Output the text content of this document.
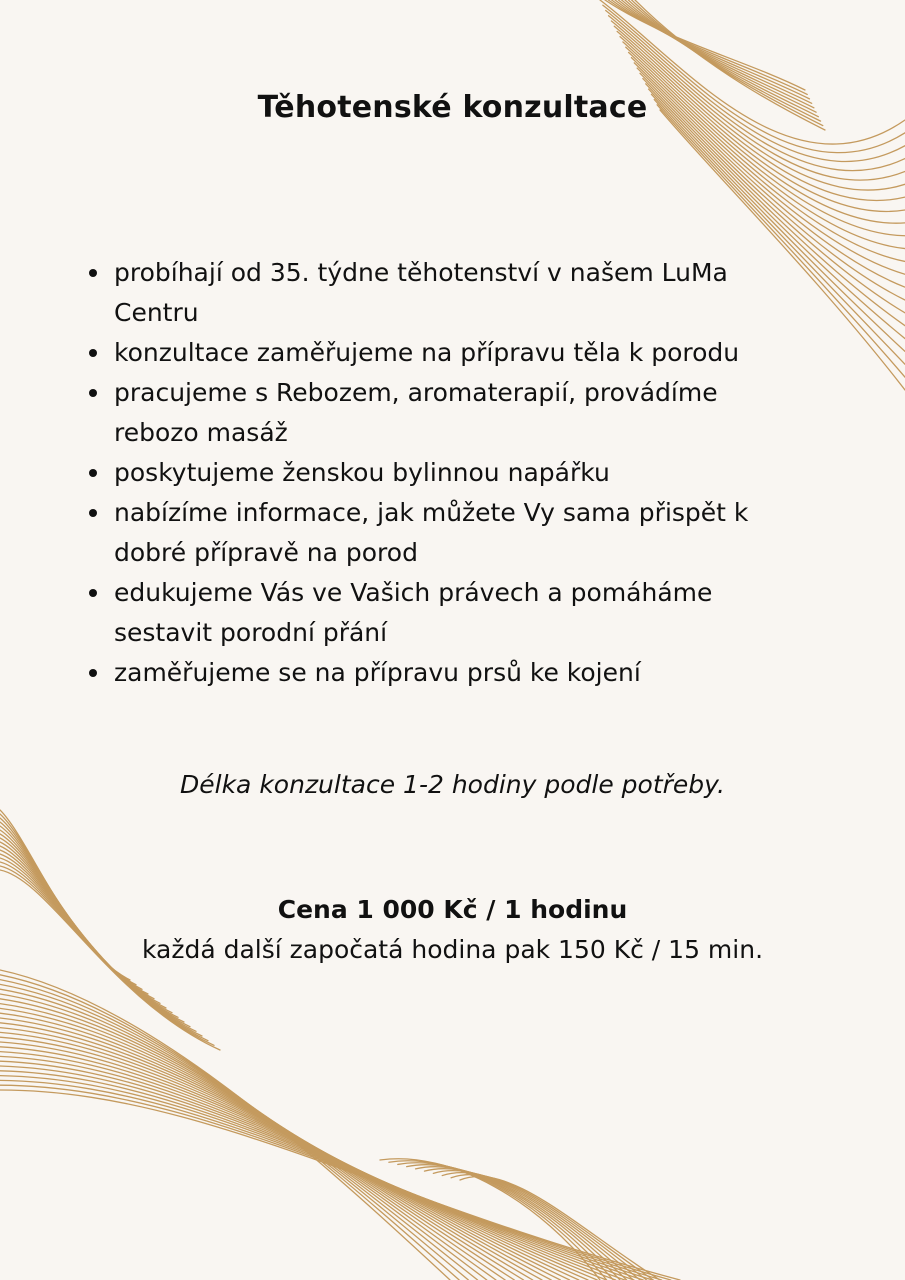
Těhotenské konzultace
probíhají od 35. týdne těhotenství v našem LuMa Centru
konzultace zaměřujeme na přípravu těla k porodu
pracujeme s Rebozem, aromaterapií, provádíme rebozo masáž
poskytujeme ženskou bylinnou napářku
nabízíme informace, jak můžete Vy sama přispět k dobré přípravě na porod
edukujeme Vás ve Vašich právech a pomáháme sestavit porodní přání
zaměřujeme se na přípravu prsů ke kojení

Délka konzultace 1-2 hodiny podle potřeby.

Cena 1 000 Kč / 1 hodinu

každá další započatá hodina pak 150 Kč / 15 min.
